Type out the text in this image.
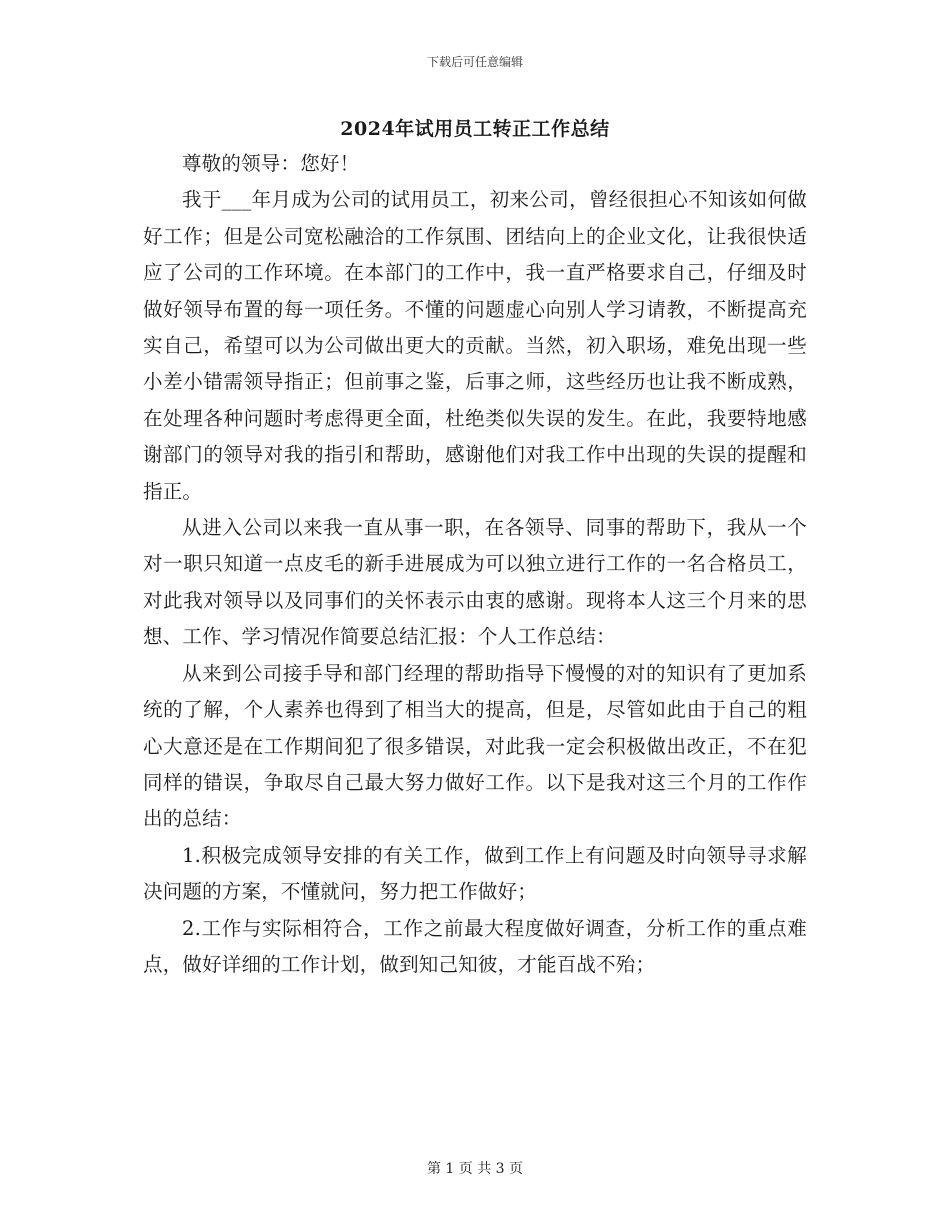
下载后可任意编辑
2024年试用员工转正工作总结

尊敬的领导：您好！

我于___年月成为公司的试用员工，初来公司，曾经很担心不知该如何做好工作；但是公司宽松融洽的工作氛围、团结向上的企业文化，让我很快适应了公司的工作环境。在本部门的工作中，我一直严格要求自己，仔细及时做好领导布置的每一项任务。不懂的问题虚心向别人学习请教，不断提高充实自己，希望可以为公司做出更大的贡献。当然，初入职场，难免出现一些小差小错需领导指正；但前事之鉴，后事之师，这些经历也让我不断成熟，在处理各种问题时考虑得更全面，杜绝类似失误的发生。在此，我要特地感谢部门的领导对我的指引和帮助，感谢他们对我工作中出现的失误的提醒和指正。

从进入公司以来我一直从事一职，在各领导、同事的帮助下，我从一个对一职只知道一点皮毛的新手进展成为可以独立进行工作的一名合格员工，对此我对领导以及同事们的关怀表示由衷的感谢。现将本人这三个月来的思想、工作、学习情况作简要总结汇报：个人工作总结：

从来到公司接手导和部门经理的帮助指导下慢慢的对的知识有了更加系统的了解，个人素养也得到了相当大的提高，但是，尽管如此由于自己的粗心大意还是在工作期间犯了很多错误，对此我一定会积极做出改正，不在犯同样的错误，争取尽自己最大努力做好工作。以下是我对这三个月的工作作出的总结：

1.积极完成领导安排的有关工作，做到工作上有问题及时向领导寻求解决问题的方案，不懂就问，努力把工作做好；

2.工作与实际相符合，工作之前最大程度做好调查，分析工作的重点难点，做好详细的工作计划，做到知己知彼，才能百战不殆；

第 1 页 共 3 页
